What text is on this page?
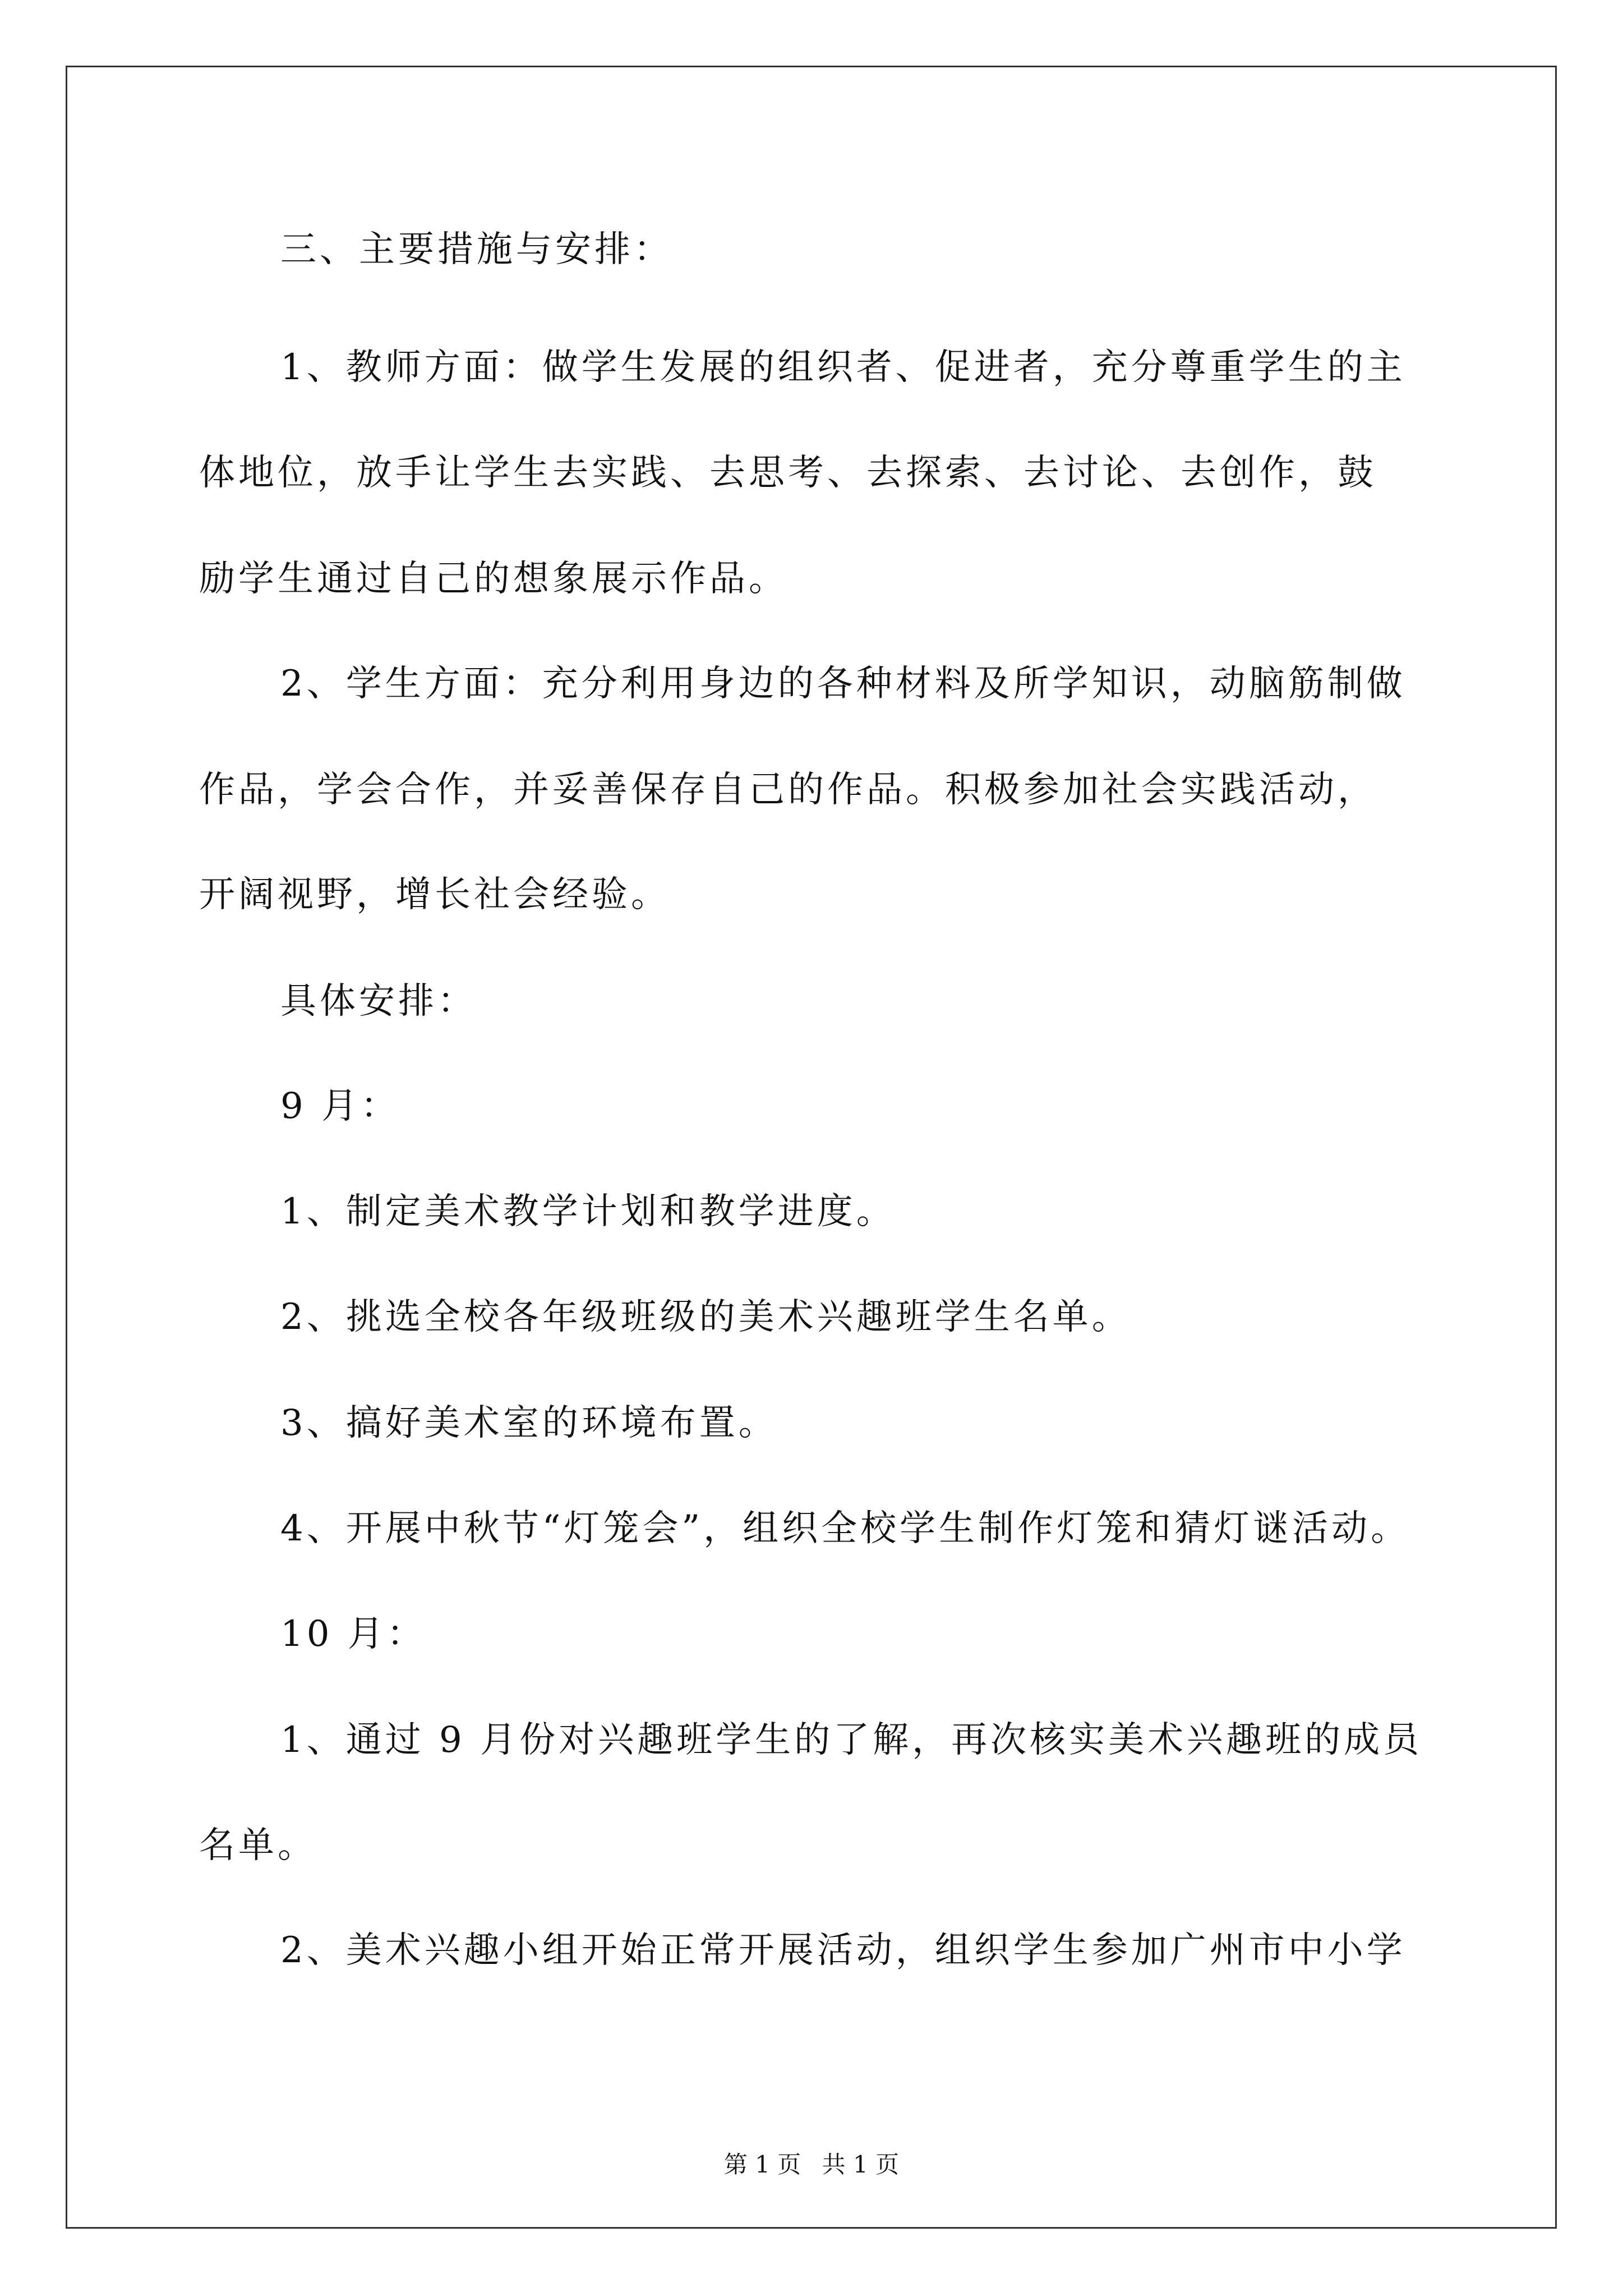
三、主要措施与安排：

1、教师方面：做学生发展的组织者、促进者，充分尊重学生的主

体地位，放手让学生去实践、去思考、去探索、去讨论、去创作，鼓

励学生通过自己的想象展示作品。

2、学生方面：充分利用身边的各种材料及所学知识，动脑筋制做

作品，学会合作，并妥善保存自己的作品。积极参加社会实践活动，

开阔视野，增长社会经验。

具体安排：

9 月：

1、制定美术教学计划和教学进度。

2、挑选全校各年级班级的美术兴趣班学生名单。

3、搞好美术室的环境布置。

4、开展中秋节“灯笼会”，组织全校学生制作灯笼和猜灯谜活动。

10 月：

1、通过 9 月份对兴趣班学生的了解，再次核实美术兴趣班的成员

名单。

2、美术兴趣小组开始正常开展活动，组织学生参加广州市中小学

第 1 页 共 1 页
